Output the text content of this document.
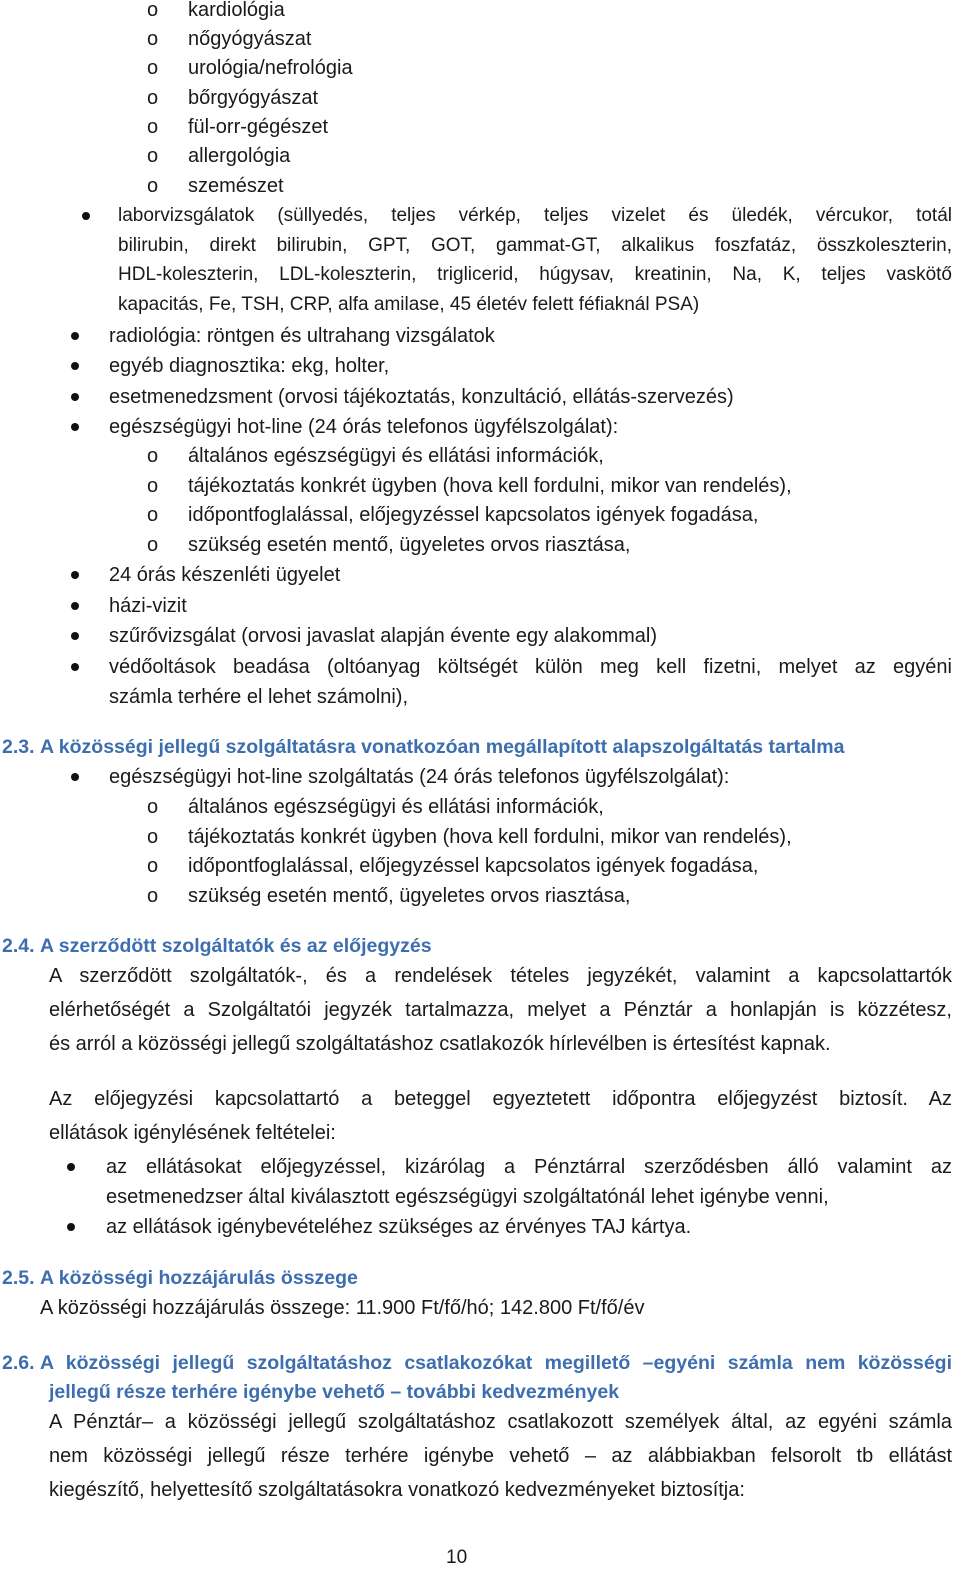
o kardiológia
o nőgyógyászat
o urológia/nefrológia
o bőrgyógyászat
o fül-orr-gégészet
o allergológia
o szemészet
laborvizsgálatok (süllyedés, teljes vérkép, teljes vizelet és üledék, vércukor, totál
bilirubin, direkt bilirubin, GPT, GOT, gammat-GT, alkalikus foszfatáz, összkoleszterin,
HDL-koleszterin, LDL-koleszterin, triglicerid, húgysav, kreatinin, Na, K, teljes vaskötő
kapacitás, Fe, TSH, CRP, alfa amilase, 45 életév felett féfiaknál PSA)
radiológia: röntgen és ultrahang vizsgálatok
egyéb diagnosztika: ekg, holter,
esetmenedzsment (orvosi tájékoztatás, konzultáció, ellátás-szervezés)
egészségügyi hot-line (24 órás telefonos ügyfélszolgálat):
o általános egészségügyi és ellátási információk,
o tájékoztatás konkrét ügyben (hova kell fordulni, mikor van rendelés),
o időpontfoglalással, előjegyzéssel kapcsolatos igények fogadása,
o szükség esetén mentő, ügyeletes orvos riasztása,
24 órás készenléti ügyelet
házi-vizit
szűrővizsgálat (orvosi javaslat alapján évente egy alakommal)
védőoltások beadása (oltóanyag költségét külön meg kell fizetni, melyet az egyéni
számla terhére el lehet számolni),
2.3. A közösségi jellegű szolgáltatásra vonatkozóan megállapított alapszolgáltatás tartalma
egészségügyi hot-line szolgáltatás (24 órás telefonos ügyfélszolgálat):
o általános egészségügyi és ellátási információk,
o tájékoztatás konkrét ügyben (hova kell fordulni, mikor van rendelés),
o időpontfoglalással, előjegyzéssel kapcsolatos igények fogadása,
o szükség esetén mentő, ügyeletes orvos riasztása,
2.4. A szerződött szolgáltatók és az előjegyzés
A szerződött szolgáltatók-, és a rendelések tételes jegyzékét, valamint a kapcsolattartók
elérhetőségét a Szolgáltatói jegyzék tartalmazza, melyet a Pénztár a honlapján is közzétesz,
és arról a közösségi jellegű szolgáltatáshoz csatlakozók hírlevélben is értesítést kapnak.
Az előjegyzési kapcsolattartó a beteggel egyeztetett időpontra előjegyzést biztosít. Az
ellátások igénylésének feltételei:
az ellátásokat előjegyzéssel, kizárólag a Pénztárral szerződésben álló valamint az
esetmenedzser által kiválasztott egészségügyi szolgáltatónál lehet igénybe venni,
az ellátások igénybevételéhez szükséges az érvényes TAJ kártya.
2.5. A közösségi hozzájárulás összege
A közösségi hozzájárulás összege: 11.900 Ft/fő/hó; 142.800 Ft/fő/év
2.6. A közösségi jellegű szolgáltatáshoz csatlakozókat megillető –egyéni számla nem közösségi
jellegű része terhére igénybe vehető – további kedvezmények
A Pénztár– a közösségi jellegű szolgáltatáshoz csatlakozott személyek által, az egyéni számla
nem közösségi jellegű része terhére igénybe vehető – az alábbiakban felsorolt tb ellátást
kiegészítő, helyettesítő szolgáltatásokra vonatkozó kedvezményeket biztosítja:
10
